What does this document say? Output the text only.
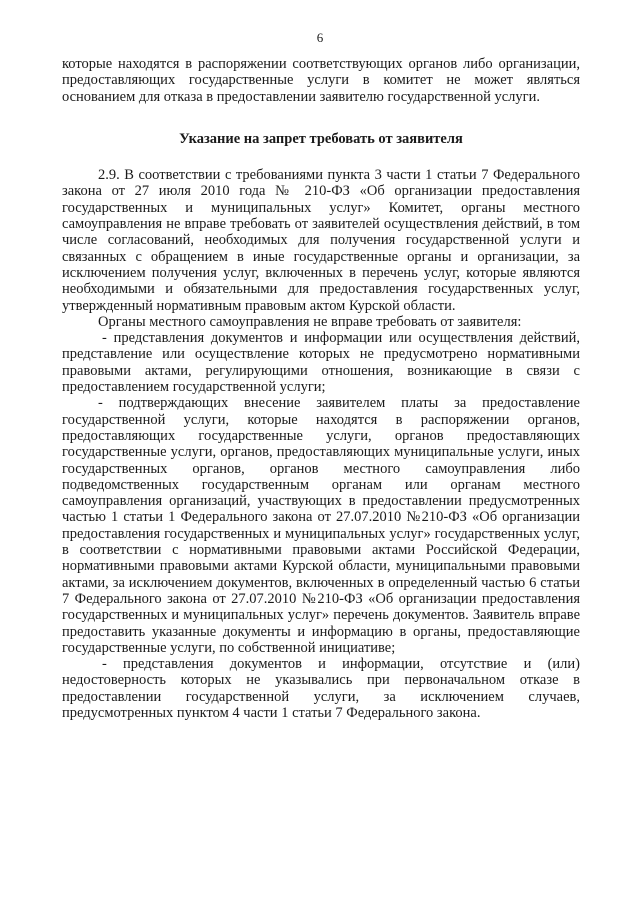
6

которые находятся в распоряжении соответствующих органов либо организации, предоставляющих государственные услуги в комитет не может являться основанием для отказа в предоставлении заявителю государственной услуги.

Указание на запрет требовать от заявителя

2.9. В соответствии с требованиями пункта 3 части 1 статьи 7 Федерального закона от 27 июля 2010 года № 210-ФЗ «Об организации предоставления государственных и муниципальных услуг» Комитет, органы местного самоуправления не вправе требовать от заявителей осуществления действий, в том числе согласований, необходимых для получения государственной услуги и связанных с обращением в иные государственные органы и организации, за исключением получения услуг, включенных в перечень услуг, которые являются необходимыми и обязательными для предоставления государственных услуг, утвержденный нормативным правовым актом Курской области.

Органы местного самоуправления не вправе требовать от заявителя:

- представления документов и информации или осуществления действий, представление или осуществление которых не предусмотрено нормативными правовыми актами, регулирующими отношения, возникающие в связи с предоставлением государственной услуги;

- подтверждающих внесение заявителем платы за предоставление государственной услуги, которые находятся в распоряжении органов, предоставляющих государственные услуги, органов предоставляющих государственные услуги, органов, предоставляющих муниципальные услуги, иных государственных органов, органов местного самоуправления либо подведомственных государственным органам или органам местного самоуправления организаций, участвующих в предоставлении предусмотренных частью 1 статьи 1 Федерального закона от 27.07.2010 №210-ФЗ «Об организации предоставления государственных и муниципальных услуг» государственных услуг, в соответствии с нормативными правовыми актами Российской Федерации, нормативными правовыми актами Курской области, муниципальными правовыми актами, за исключением документов, включенных в определенный частью 6 статьи 7 Федерального закона от 27.07.2010 №210-ФЗ «Об организации предоставления государственных и муниципальных услуг» перечень документов. Заявитель вправе предоставить указанные документы и информацию в органы, предоставляющие государственные услуги, по собственной инициативе;

- представления документов и информации, отсутствие и (или) недостоверность которых не указывались при первоначальном отказе в предоставлении государственной услуги, за исключением случаев, предусмотренных пунктом 4 части 1 статьи 7 Федерального закона.
